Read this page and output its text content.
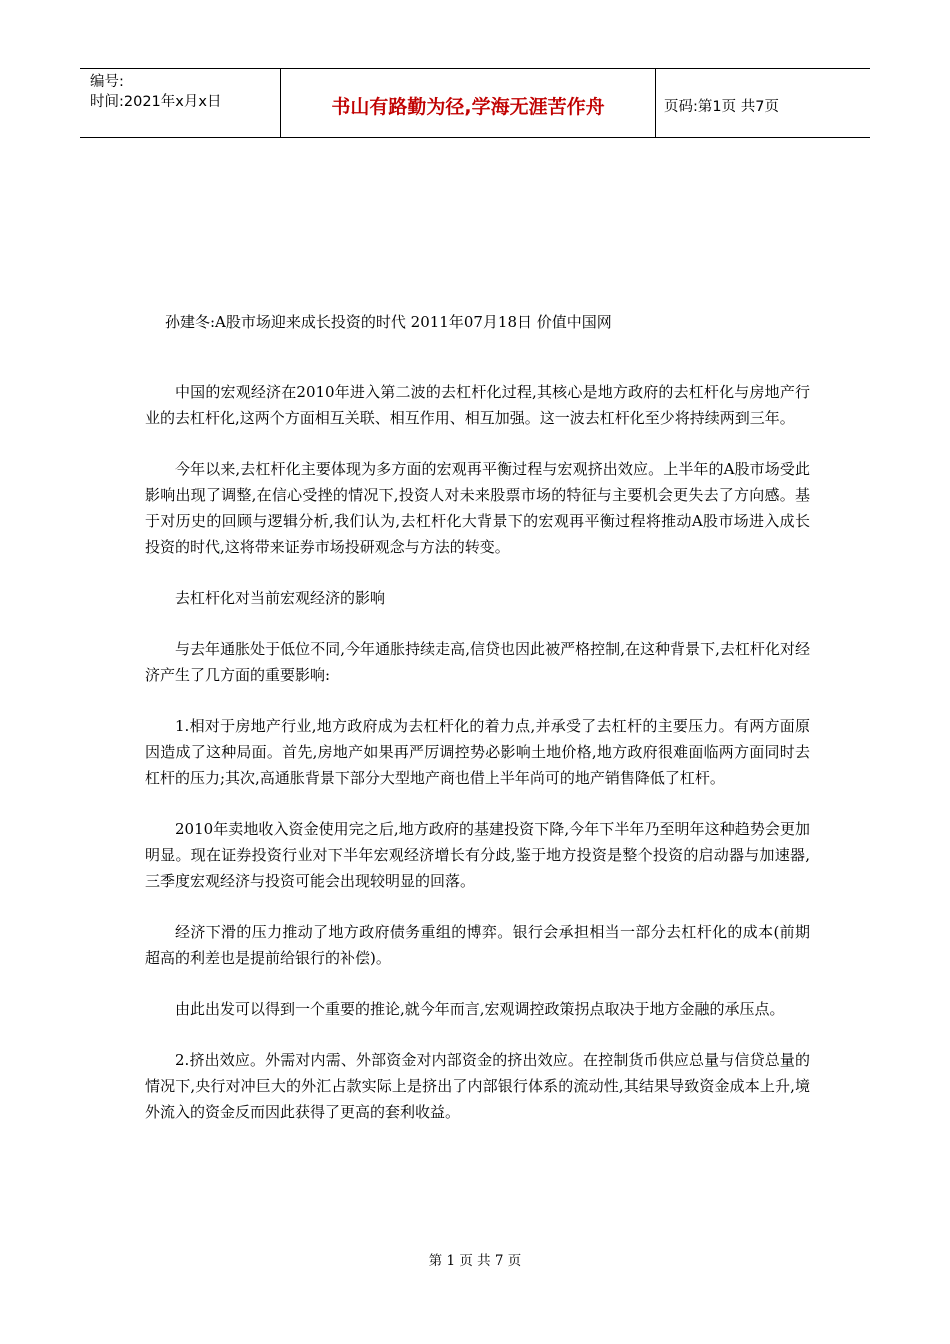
编号:
时间:2021年x月x日	书山有路勤为径,学海无涯苦作舟	页码:第1页 共7页
孙建冬:A股市场迎来成长投资的时代 2011年07月18日 价值中国网

中国的宏观经济在2010年进入第二波的去杠杆化过程,其核心是地方政府的去杠杆化与房地产行业的去杠杆化,这两个方面相互关联、相互作用、相互加强。这一波去杠杆化至少将持续两到三年。

今年以来,去杠杆化主要体现为多方面的宏观再平衡过程与宏观挤出效应。上半年的A股市场受此影响出现了调整,在信心受挫的情况下,投资人对未来股票市场的特征与主要机会更失去了方向感。基于对历史的回顾与逻辑分析,我们认为,去杠杆化大背景下的宏观再平衡过程将推动A股市场进入成长投资的时代,这将带来证券市场投研观念与方法的转变。

去杠杆化对当前宏观经济的影响

与去年通胀处于低位不同,今年通胀持续走高,信贷也因此被严格控制,在这种背景下,去杠杆化对经济产生了几方面的重要影响:

1.相对于房地产行业,地方政府成为去杠杆化的着力点,并承受了去杠杆的主要压力。有两方面原因造成了这种局面。首先,房地产如果再严厉调控势必影响土地价格,地方政府很难面临两方面同时去杠杆的压力;其次,高通胀背景下部分大型地产商也借上半年尚可的地产销售降低了杠杆。

2010年卖地收入资金使用完之后,地方政府的基建投资下降,今年下半年乃至明年这种趋势会更加明显。现在证券投资行业对下半年宏观经济增长有分歧,鉴于地方投资是整个投资的启动器与加速器,三季度宏观经济与投资可能会出现较明显的回落。

经济下滑的压力推动了地方政府债务重组的博弈。银行会承担相当一部分去杠杆化的成本(前期超高的利差也是提前给银行的补偿)。

由此出发可以得到一个重要的推论,就今年而言,宏观调控政策拐点取决于地方金融的承压点。

2.挤出效应。外需对内需、外部资金对内部资金的挤出效应。在控制货币供应总量与信贷总量的情况下,央行对冲巨大的外汇占款实际上是挤出了内部银行体系的流动性,其结果导致资金成本上升,境外流入的资金反而因此获得了更高的套利收益。

第 1 页 共 7 页
